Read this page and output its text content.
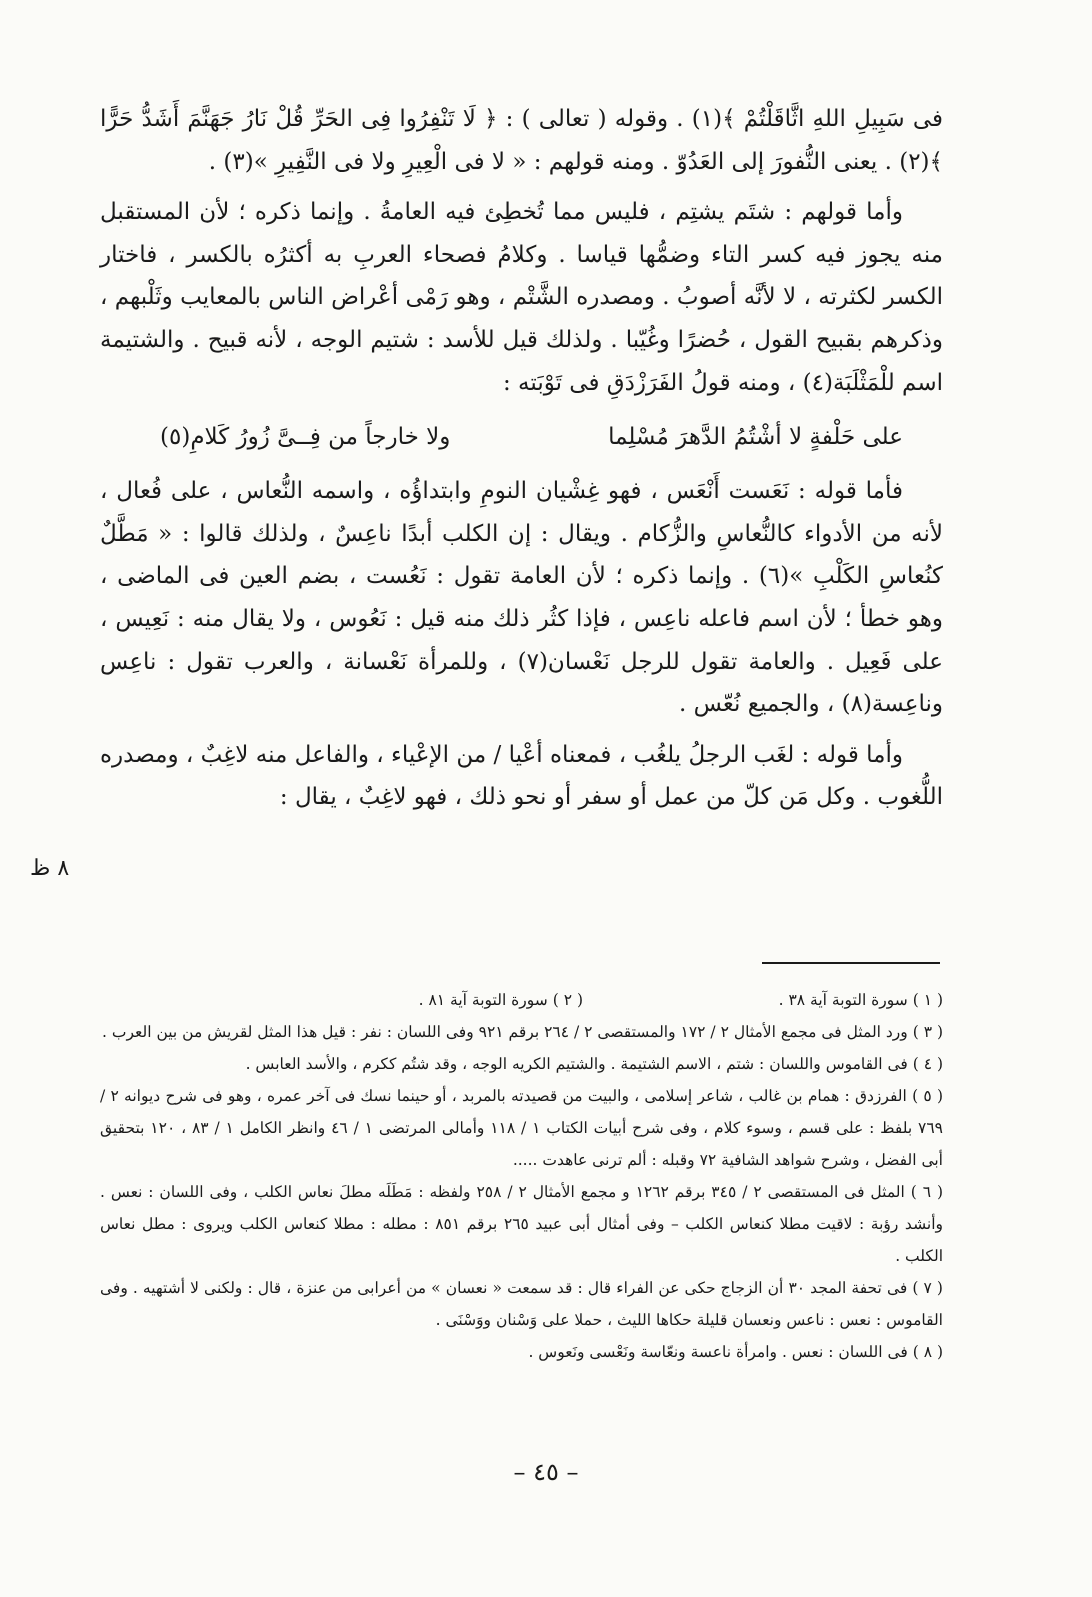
فى سَبِيلِ اللهِ اثَّاقَلْتُمْ ﴾(١) . وقوله ( تعالى ) : ﴿ لَا تَنْفِرُوا فِى الحَرِّ قُلْ نَارُ جَهَنَّمَ أَشَدُّ حَرًّا ﴾(٢) . يعنى النُّفورَ إلى العَدُوّ . ومنه قولهم : « لا فى الْعِيرِ ولا فى النَّفِيرِ »(٣) .

وأما قولهم : شتَم يشتِم ، فليس مما تُخطِئ فيه العامةُ . وإنما ذكره ؛ لأن المستقبل منه يجوز فيه كسر التاء وضمُّها قياسا . وكلامُ فصحاء العربِ به أكثرُه بالكسر ، فاختار الكسر لكثرته ، لا لأنَّه أصوبُ . ومصدره الشَّتْم ، وهو رَمْى أعْراض الناس بالمعايب وثَلْبهم ، وذكرهم بقبيح القول ، حُضرًا وغُيّبا . ولذلك قيل للأسد : شتيم الوجه ، لأنه قبيح . والشتيمة اسم للْمَثْلَبَة(٤) ، ومنه قولُ الفَرَزْدَقِ فى تَوْبَته :

على حَلْفةٍ لا أشْتُمُ الدَّهرَ مُسْلِما
ولا خارجاً من فِــىَّ زُورُ كَلامِ(٥)

فأما قوله : نَعَست أَنْعَس ، فهو غِشْيان النومِ وابتداؤُه ، واسمه النُّعاس ، على فُعال ، لأنه من الأدواء كالنُّعاسِ والزُّكام . ويقال : إن الكلب أبدًا ناعِسٌ ، ولذلك قالوا : « مَطَّلٌ كنُعاسِ الكَلْبِ »(٦) . وإنما ذكره ؛ لأن العامة تقول : نَعُست ، بضم العين فى الماضى ، وهو خطأ ؛ لأن اسم فاعله ناعِس ، فإذا كثُر ذلك منه قيل : نَعُوس ، ولا يقال منه : نَعِيس ، على فَعِيل . والعامة تقول للرجل نَعْسان(٧) ، وللمرأة نَعْسانة ، والعرب تقول : ناعِس وناعِسة(٨) ، والجميع نُعّس .

وأما قوله : لغَب الرجلُ يلغُب ، فمعناه أعْيا / من الإعْياء ، والفاعل منه لاغِبٌ ، ومصدره اللُّغوب . وكل مَن كلّ من عمل أو سفر أو نحو ذلك ، فهو لاغِبٌ ، يقال :

٨ ظ
( ١ ) سورة التوبة آية ٣٨ .
( ٢ ) سورة التوبة آية ٨١ .
( ٣ ) ورد المثل فى مجمع الأمثال ٢ / ١٧٢ والمستقصى ٢ / ٢٦٤ برقم ٩٢١ وفى اللسان : نفر : قيل هذا المثل لقريش من بين العرب .
( ٤ ) فى القاموس واللسان : شتم ، الاسم الشتيمة . والشتيم الكريه الوجه ، وقد شتُم ككرم ، والأسد العابس .
( ٥ ) الفرزدق : همام بن غالب ، شاعر إسلامى ، والبيت من قصيدته بالمربد ، أو حينما نسك فى آخر عمره ، وهو فى شرح ديوانه ٢ / ٧٦٩ بلفظ : على قسم ، وسوء كلام ، وفى شرح أبيات الكتاب ١ / ١١٨ وأمالى المرتضى ١ / ٤٦ وانظر الكامل ١ / ٨٣ ، ١٢٠ بتحقيق أبى الفضل ، وشرح شواهد الشافية ٧٢ وقبله : ألم ترنى عاهدت .....
( ٦ ) المثل فى المستقصى ٢ / ٣٤٥ برقم ١٢٦٢ و مجمع الأمثال ٢ / ٢٥٨ ولفظه : مَطَلَه مطلَ نعاس الكلب ، وفى اللسان : نعس . وأنشد رؤبة : لاقيت مطلا كنعاس الكلب – وفى أمثال أبى عبيد ٢٦٥ برقم ٨٥١ : مطله : مطلا كنعاس الكلب ويروى : مطل نعاس الكلب .
( ٧ ) فى تحفة المجد ٣٠ أن الزجاج حكى عن الفراء قال : قد سمعت « نعسان » من أعرابى من عنزة ، قال : ولكنى لا أشتهيه . وفى القاموس : نعس : ناعس ونعسان قليلة حكاها الليث ، حملا على وَسْنان ووَسْنَى .
( ٨ ) فى اللسان : نعس . وامرأة ناعسة ونعّاسة ونَعْسى ونَعوس .
– ٤٥ –
